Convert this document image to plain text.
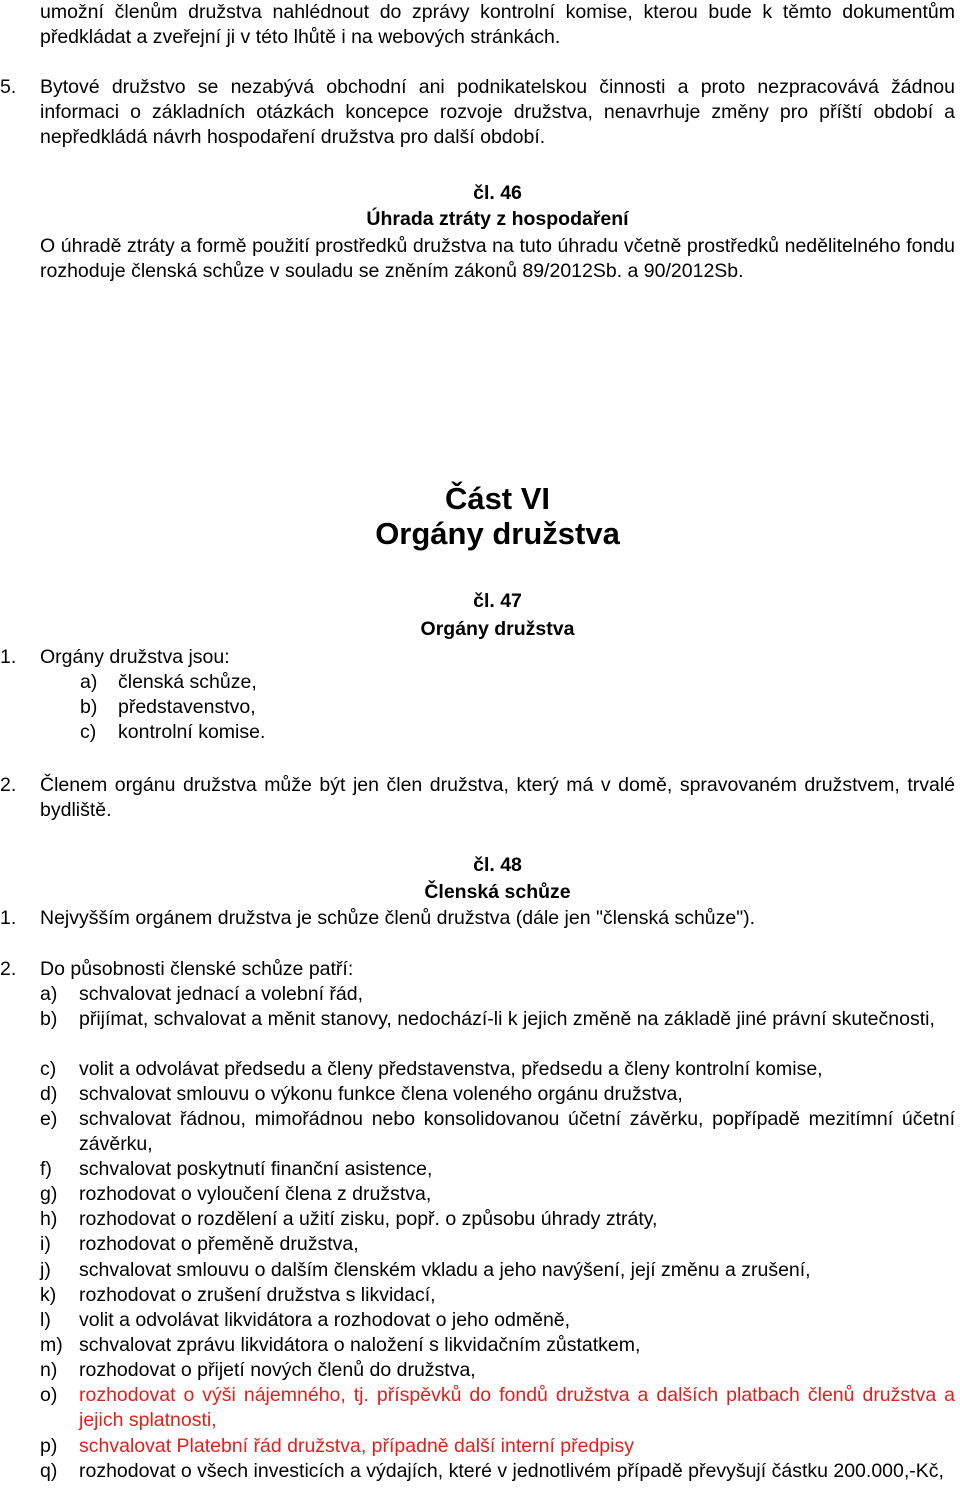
umožní členům družstva nahlédnout do zprávy kontrolní komise, kterou bude k těmto dokumentům předkládat a zveřejní ji v této lhůtě i na webových stránkách.
5. Bytové družstvo se nezabývá obchodní ani podnikatelskou činnosti a proto nezpracovává žádnou informaci o základních otázkách koncepce rozvoje družstva, nenavrhuje změny pro příští období a nepředkládá návrh hospodaření družstva pro další období.
čl. 46
Úhrada ztráty z hospodaření
O úhradě ztráty a formě použití prostředků družstva na tuto úhradu včetně prostředků nedělitelného fondu rozhoduje členská schůze v souladu se zněním zákonů 89/2012Sb. a 90/2012Sb.
Část VI
Orgány družstva
čl. 47
Orgány družstva
1. Orgány družstva jsou:
a) členská schůze,
b) představenstvo,
c) kontrolní komise.
2. Členem orgánu družstva může být jen člen družstva, který má v domě, spravovaném družstvem, trvalé bydliště.
čl. 48
Členská schůze
1. Nejvyšším orgánem družstva je schůze členů družstva (dále jen "členská schůze").
2. Do působnosti členské schůze patří:
a)	schvalovat jednací a volební řád,
b)	přijímat, schvalovat a měnit stanovy, nedochází-li k jejich změně na základě jiné právní skutečnosti,
c)	volit a odvolávat předsedu a členy představenstva, předsedu a členy kontrolní komise,
d)	schvalovat smlouvu o výkonu funkce člena voleného orgánu družstva,
e)	schvalovat řádnou, mimořádnou nebo konsolidovanou účetní závěrku, popřípadě mezitímní účetní závěrku,
f)	schvalovat poskytnutí finanční asistence,
g)	rozhodovat o vyloučení člena z družstva,
h)	rozhodovat o rozdělení a užití zisku, popř. o způsobu úhrady ztráty,
i)	rozhodovat o přeměně družstva,
j)	schvalovat smlouvu o dalším členském vkladu a jeho navýšení, její změnu a zrušení,
k)	rozhodovat o zrušení družstva s likvidací,
l)	volit a odvolávat likvidátora a rozhodovat o jeho odměně,
m) schvalovat zprávu likvidátora o naložení s likvidačním zůstatkem,
n)	rozhodovat o přijetí nových členů do družstva,
o)	rozhodovat o výši nájemného, tj. příspěvků do fondů družstva a dalších platbach členů družstva a jejich splatnosti,
p)	schvalovat Platební řád družstva, případně další interní předpisy
q)	rozhodovat o všech investicích a výdajích, které v jednotlivém případě převyšují částku 200.000,-Kč,
